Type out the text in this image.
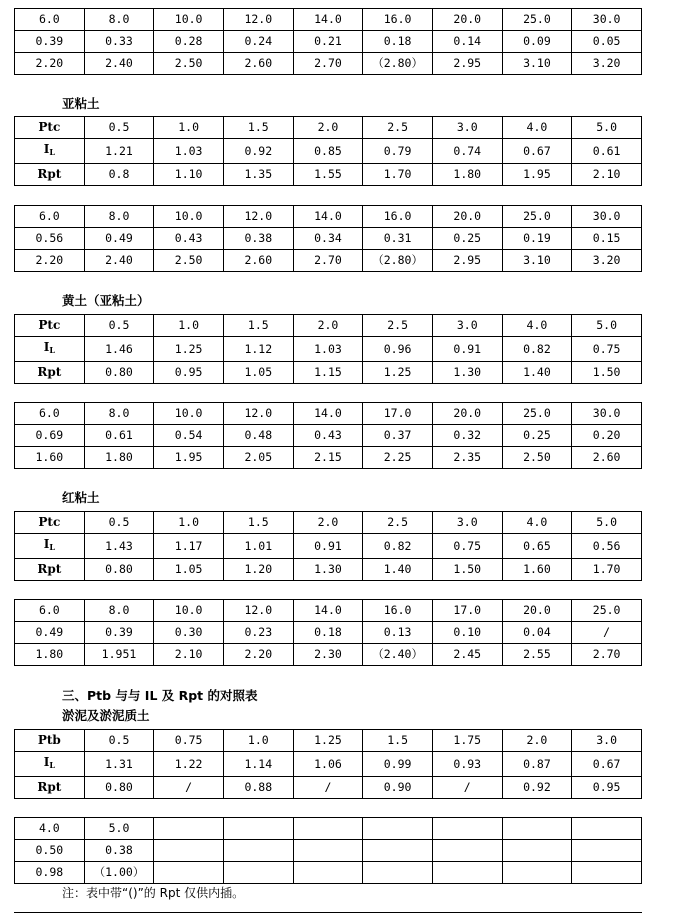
6.0	8.0	10.0	12.0	14.0	16.0	20.0	25.0	30.0
0.39	0.33	0.28	0.24	0.21	0.18	0.14	0.09	0.05
2.20	2.40	2.50	2.60	2.70	（2.80）	2.95	3.10	3.20
亚粘土
Ptc	0.5	1.0	1.5	2.0	2.5	3.0	4.0	5.0
$I_L$	1.21	1.03	0.92	0.85	0.79	0.74	0.67	0.61
Rpt	0.8	1.10	1.35	1.55	1.70	1.80	1.95	2.10
6.0	8.0	10.0	12.0	14.0	16.0	20.0	25.0	30.0
0.56	0.49	0.43	0.38	0.34	0.31	0.25	0.19	0.15
2.20	2.40	2.50	2.60	2.70	（2.80）	2.95	3.10	3.20
黄土（亚粘土）
Ptc	0.5	1.0	1.5	2.0	2.5	3.0	4.0	5.0
$I_L$	1.46	1.25	1.12	1.03	0.96	0.91	0.82	0.75
Rpt	0.80	0.95	1.05	1.15	1.25	1.30	1.40	1.50
6.0	8.0	10.0	12.0	14.0	17.0	20.0	25.0	30.0
0.69	0.61	0.54	0.48	0.43	0.37	0.32	0.25	0.20
1.60	1.80	1.95	2.05	2.15	2.25	2.35	2.50	2.60
红粘土
Ptc	0.5	1.0	1.5	2.0	2.5	3.0	4.0	5.0
$I_L$	1.43	1.17	1.01	0.91	0.82	0.75	0.65	0.56
Rpt	0.80	1.05	1.20	1.30	1.40	1.50	1.60	1.70
6.0	8.0	10.0	12.0	14.0	16.0	17.0	20.0	25.0
0.49	0.39	0.30	0.23	0.18	0.13	0.10	0.04	/
1.80	1.951	2.10	2.20	2.30	（2.40）	2.45	2.55	2.70
三、Ptb 与与 IL 及 Rpt 的对照表
淤泥及淤泥质土
Ptb	0.5	0.75	1.0	1.25	1.5	1.75	2.0	3.0
$I_L$	1.31	1.22	1.14	1.06	0.99	0.93	0.87	0.67
Rpt	0.80	/	0.88	/	0.90	/	0.92	0.95
4.0	5.0							
0.50	0.38							
0.98	（1.00）							
注：表中带“()”的 Rpt 仅供内插。
